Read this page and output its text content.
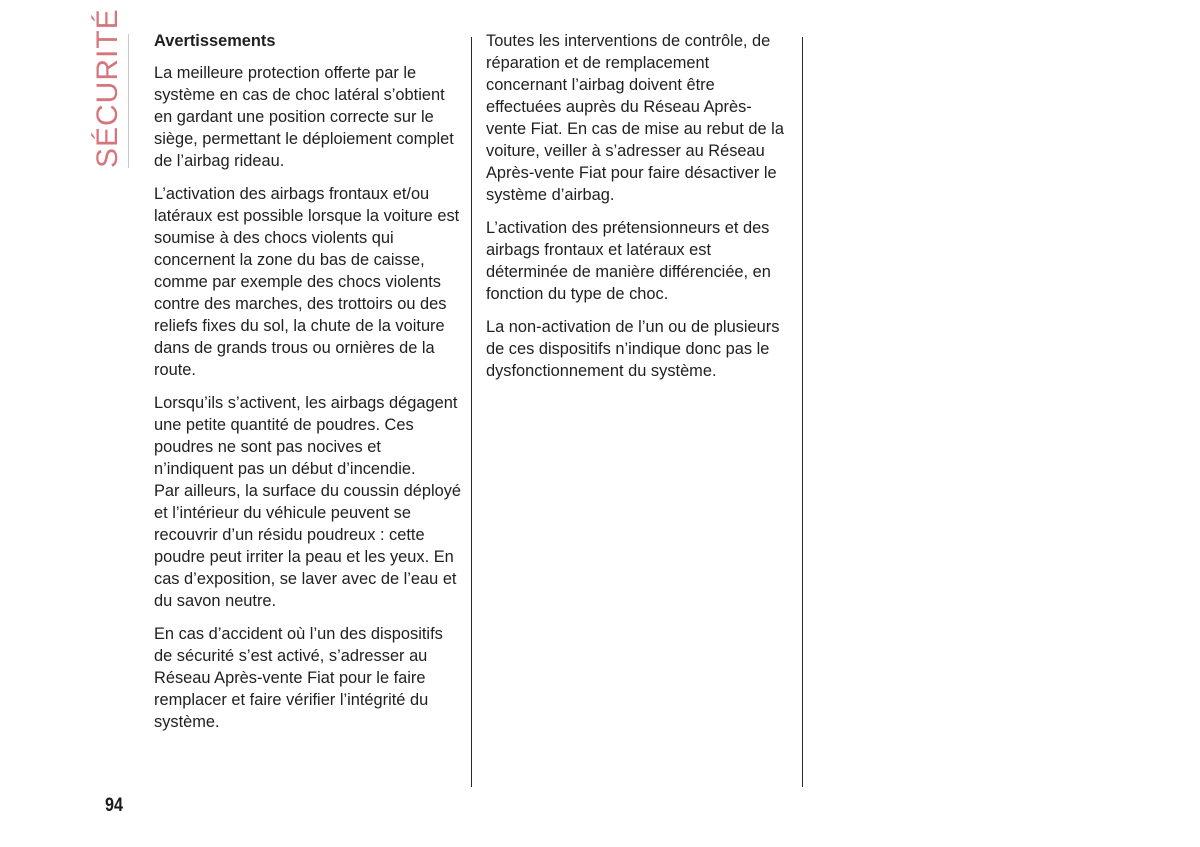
SÉCURITÉ Avertissements

La meilleure protection offerte par le système en cas de choc latéral s’obtient en gardant une position correcte sur le siège, permettant le déploiement complet de l’airbag rideau.

L’activation des airbags frontaux et/ou latéraux est possible lorsque la voiture est soumise à des chocs violents qui concernent la zone du bas de caisse, comme par exemple des chocs violents contre des marches, des trottoirs ou des reliefs fixes du sol, la chute de la voiture dans de grands trous ou ornières de la route.

Lorsqu’ils s’activent, les airbags dégagent une petite quantité de poudres. Ces poudres ne sont pas nocives et n’indiquent pas un début d’incendie.

Par ailleurs, la surface du coussin déployé et l’intérieur du véhicule peuvent se recouvrir d’un résidu poudreux : cette poudre peut irriter la peau et les yeux. En cas d’exposition, se laver avec de l’eau et du savon neutre.

En cas d’accident où l’un des dispositifs de sécurité s’est activé, s’adresser au Réseau Après-vente Fiat pour le faire remplacer et faire vérifier l’intégrité du système.

Toutes les interventions de contrôle, de réparation et de remplacement concernant l’airbag doivent être effectuées auprès du Réseau Après-vente Fiat. En cas de mise au rebut de la voiture, veiller à s’adresser au Réseau Après-vente Fiat pour faire désactiver le système d’airbag.

L’activation des prétensionneurs et des airbags frontaux et latéraux est déterminée de manière différenciée, en fonction du type de choc.

La non-activation de l’un ou de plusieurs de ces dispositifs n’indique donc pas le dysfonctionnement du système.

94
